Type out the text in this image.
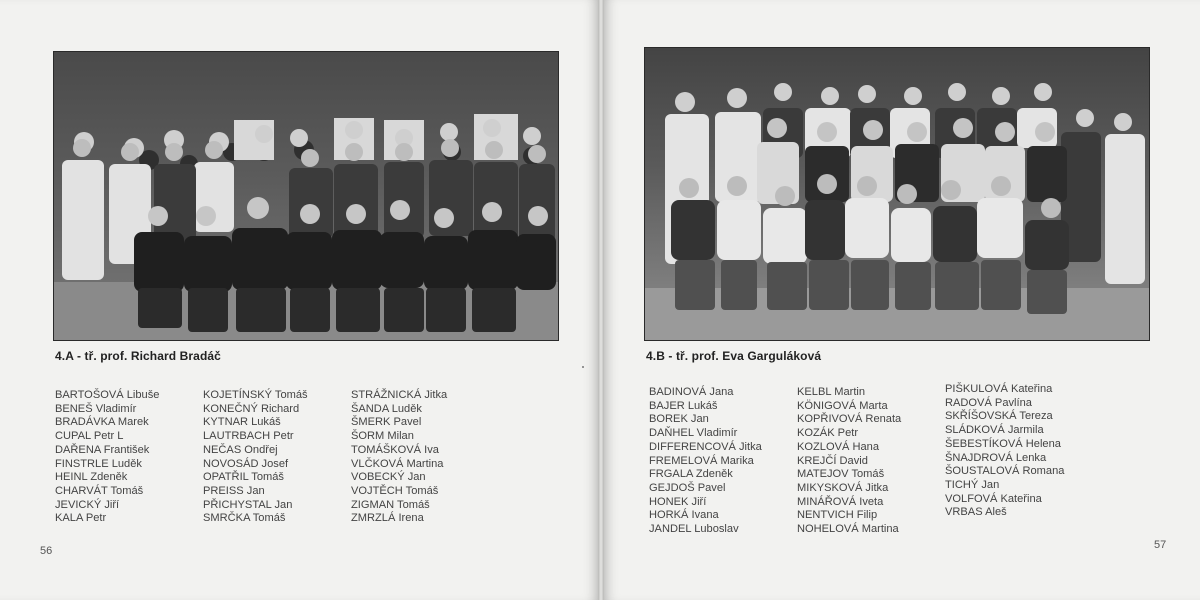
4.A - tř. prof. Richard Bradáč
BARTOŠOVÁ Libuše
BENEŠ Vladimír
BRADÁVKA Marek
CUPAL Petr L
DAŘENA František
FINSTRLE Luděk
HEINL Zdeněk
CHARVÁT Tomáš
JEVICKÝ Jiří
KALA Petr
KOJETÍNSKÝ Tomáš
KONEČNÝ Richard
KYTNAR Lukáš
LAUTRBACH Petr
NEČAS Ondřej
NOVOSÁD Josef
OPATŘIL Tomáš
PREISS Jan
PŘICHYSTAL Jan
SMRČKA Tomáš
STRÁŽNICKÁ Jitka
ŠANDA Luděk
ŠMERK Pavel
ŠORM Milan
TOMÁŠKOVÁ Iva
VLČKOVÁ Martina
VOBECKÝ Jan
VOJTĚCH Tomáš
ZIGMAN Tomáš
ZMRZLÁ Irena
56
4.B - tř. prof. Eva Garguláková
BADINOVÁ Jana
BAJER Lukáš
BOREK Jan
DAŇHEL Vladimír
DIFFERENCOVÁ Jitka
FREMELOVÁ Marika
FRGALA Zdeněk
GEJDOŠ Pavel
HONEK Jiří
HORKÁ Ivana
JANDEL Luboslav
KELBL Martin
KÖNIGOVÁ Marta
KOPŘIVOVÁ Renata
KOZÁK Petr
KOZLOVÁ Hana
KREJČÍ David
MATEJOV Tomáš
MIKYSKOVÁ Jitka
MINÁŘOVÁ Iveta
NENTVICH Filip
NOHELOVÁ Martina
PIŠKULOVÁ Kateřina
RADOVÁ Pavlína
SKŘÍŠOVSKÁ Tereza
SLÁDKOVÁ Jarmila
ŠEBESTÍKOVÁ Helena
ŠNAJDROVÁ Lenka
ŠOUSTALOVÁ Romana
TICHÝ Jan
VOLFOVÁ Kateřina
VRBAS Aleš
57
